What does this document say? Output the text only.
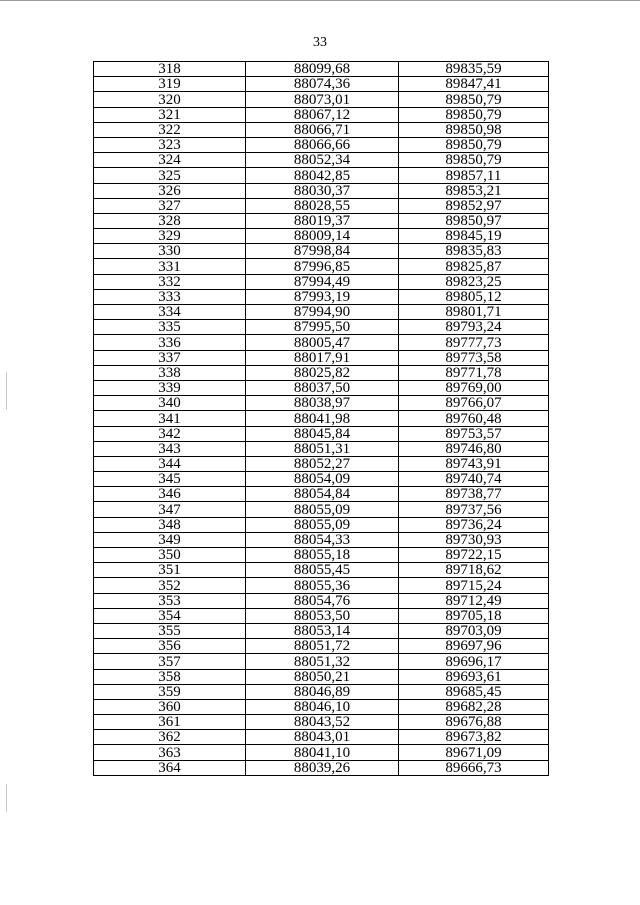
33
318	88099,68	89835,59
319	88074,36	89847,41
320	88073,01	89850,79
321	88067,12	89850,79
322	88066,71	89850,98
323	88066,66	89850,79
324	88052,34	89850,79
325	88042,85	89857,11
326	88030,37	89853,21
327	88028,55	89852,97
328	88019,37	89850,97
329	88009,14	89845,19
330	87998,84	89835,83
331	87996,85	89825,87
332	87994,49	89823,25
333	87993,19	89805,12
334	87994,90	89801,71
335	87995,50	89793,24
336	88005,47	89777,73
337	88017,91	89773,58
338	88025,82	89771,78
339	88037,50	89769,00
340	88038,97	89766,07
341	88041,98	89760,48
342	88045,84	89753,57
343	88051,31	89746,80
344	88052,27	89743,91
345	88054,09	89740,74
346	88054,84	89738,77
347	88055,09	89737,56
348	88055,09	89736,24
349	88054,33	89730,93
350	88055,18	89722,15
351	88055,45	89718,62
352	88055,36	89715,24
353	88054,76	89712,49
354	88053,50	89705,18
355	88053,14	89703,09
356	88051,72	89697,96
357	88051,32	89696,17
358	88050,21	89693,61
359	88046,89	89685,45
360	88046,10	89682,28
361	88043,52	89676,88
362	88043,01	89673,82
363	88041,10	89671,09
364	88039,26	89666,73
